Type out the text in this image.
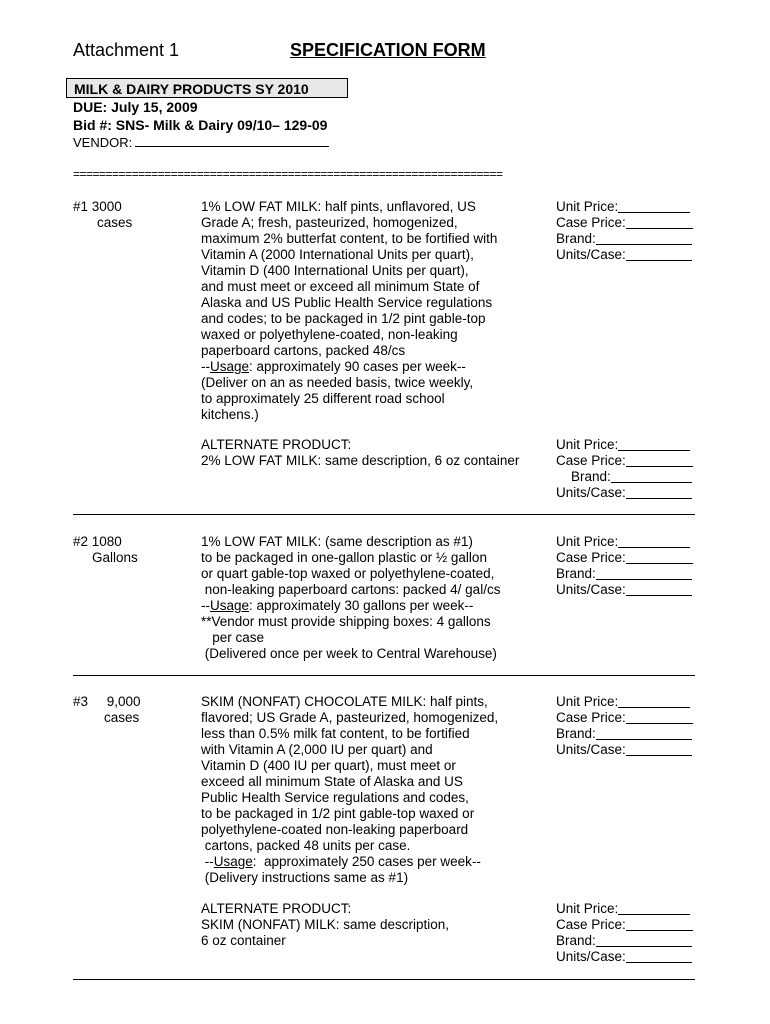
Attachment 1	SPECIFICATION FORM
MILK & DAIRY PRODUCTS SY 2010
DUE: July 15, 2009
Bid #: SNS- Milk & Dairy 09/10– 129-09
VENDOR:
==================================================================
#1 3000
cases
1% LOW FAT MILK: half pints, unflavored, US
Grade A; fresh, pasteurized, homogenized,
maximum 2% butterfat content, to be fortified with
Vitamin A (2000 International Units per quart),
Vitamin D (400 International Units per quart),
and must meet or exceed all minimum State of
Alaska and US Public Health Service regulations
and codes; to be packaged in 1/2 pint gable-top
waxed or polyethylene-coated, non-leaking
paperboard cartons, packed 48/cs
--Usage: approximately 90 cases per week--
(Deliver on an as needed basis, twice weekly,
to approximately 25 different road school
kitchens.)
Unit Price:
Case Price:
Brand:
Units/Case:
ALTERNATE PRODUCT:
2% LOW FAT MILK: same description, 6 oz container
Unit Price:
Case Price:
Brand:
Units/Case:
#2 1080
Gallons
1% LOW FAT MILK: (same description as #1)
to be packaged in one-gallon plastic or ½ gallon
or quart gable-top waxed or polyethylene-coated,
non-leaking paperboard cartons: packed 4/ gal/cs
--Usage: approximately 30 gallons per week--
**Vendor must provide shipping boxes: 4 gallons
per case
(Delivered once per week to Central Warehouse)
Unit Price:
Case Price:
Brand:
Units/Case:
#3     9,000
cases
SKIM (NONFAT) CHOCOLATE MILK: half pints,
flavored; US Grade A, pasteurized, homogenized,
less than 0.5% milk fat content, to be fortified
with Vitamin A (2,000 IU per quart) and
Vitamin D (400 IU per quart), must meet or
exceed all minimum State of Alaska and US
Public Health Service regulations and codes,
to be packaged in 1/2 pint gable-top waxed or
polyethylene-coated non-leaking paperboard
cartons, packed 48 units per case.
--Usage:  approximately 250 cases per week--
(Delivery instructions same as #1)
Unit Price:
Case Price:
Brand:
Units/Case:
ALTERNATE PRODUCT:
SKIM (NONFAT) MILK: same description,
6 oz container
Unit Price:
Case Price:
Brand:
Units/Case:
